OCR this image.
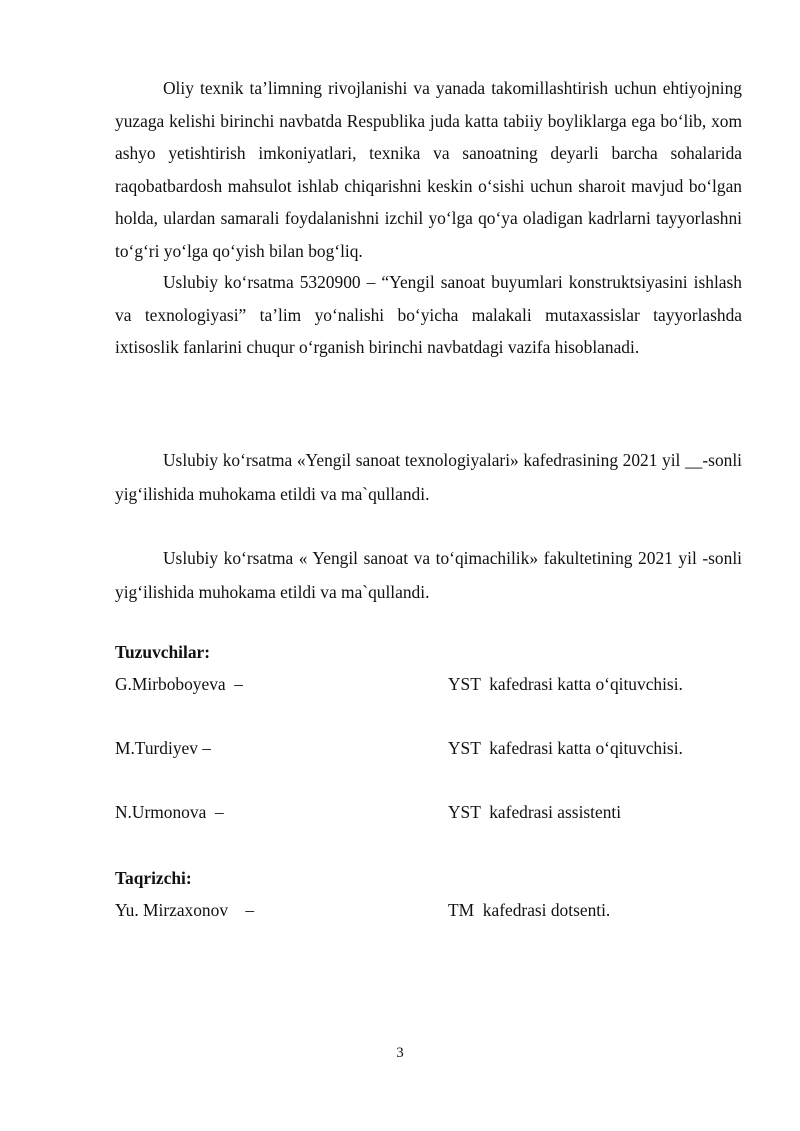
Oliy texnik ta’limning rivojlanishi va yanada takomillashtirish uchun ehtiyojning yuzaga kelishi birinchi navbatda Respublika juda katta tabiiy boyliklarga ega bo‘lib, xom ashyo yetishtirish imkoniyatlari, texnika va sanoatning deyarli barcha sohalarida raqobatbardosh mahsulot ishlab chiqarishni keskin o‘sishi uchun sharoit mavjud bo‘lgan holda, ulardan samarali foydalanishni izchil yo‘lga qo‘ya oladigan kadrlarni tayyorlashni to‘g‘ri yo‘lga qo‘yish bilan bog‘liq.

Uslubiy ko‘rsatma 5320900 – “Yengil sanoat buyumlari konstruktsiyasini ishlash va texnologiyasi” ta’lim yo‘nalishi bo‘yicha malakali mutaxassislar tayyorlashda ixtisoslik fanlarini chuqur o‘rganish birinchi navbatdagi vazifa hisoblanadi.

Uslubiy ko‘rsatma «Yengil sanoat texnologiyalari» kafedrasining 2021 yil __-sonli yig‘ilishida muhokama etildi va ma`qullandi.

Uslubiy ko‘rsatma « Yengil sanoat va to‘qimachilik» fakultetining 2021 yil -sonli yig‘ilishida muhokama etildi va ma`qullandi.

Tuzuvchilar:

G.Mirboboyeva  –	YST  kafedrasi katta o‘qituvchisi.
M.Turdiyev –	YST  kafedrasi katta o‘qituvchisi.
N.Urmonova  –	YST  kafedrasi assistenti

Taqrizchi:

Yu. Mirzaxonov    –	TM  kafedrasi dotsenti.
3
